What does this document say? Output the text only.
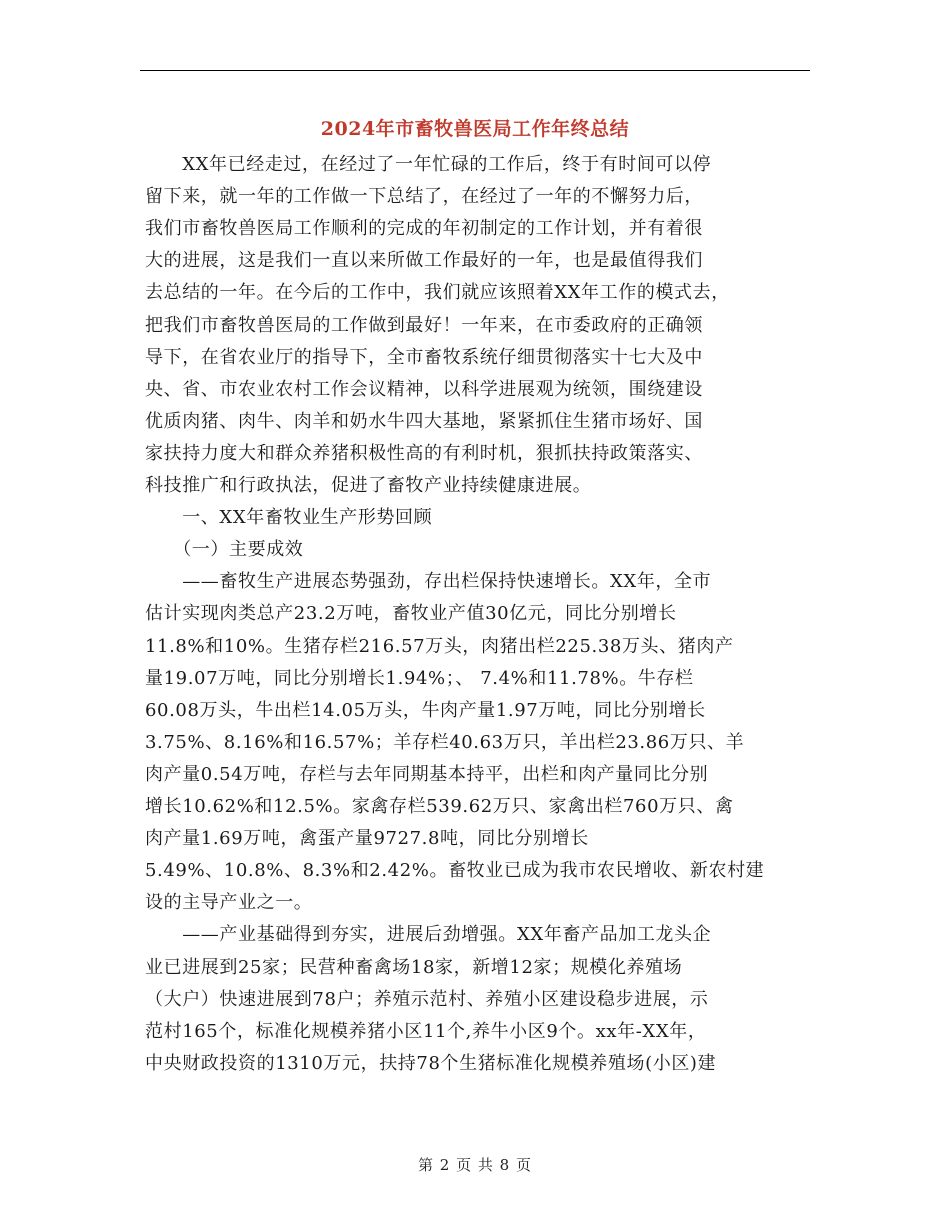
2024年市畜牧兽医局工作年终总结
　　XX年已经走过，在经过了一年忙碌的工作后，终于有时间可以停
留下来，就一年的工作做一下总结了，在经过了一年的不懈努力后，
我们市畜牧兽医局工作顺利的完成的年初制定的工作计划，并有着很
大的进展，这是我们一直以来所做工作最好的一年，也是最值得我们
去总结的一年。在今后的工作中，我们就应该照着XX年工作的模式去，
把我们市畜牧兽医局的工作做到最好！一年来，在市委政府的正确领
导下，在省农业厅的指导下，全市畜牧系统仔细贯彻落实十七大及中
央、省、市农业农村工作会议精神，以科学进展观为统领，围绕建设
优质肉猪、肉牛、肉羊和奶水牛四大基地，紧紧抓住生猪市场好、国
家扶持力度大和群众养猪积极性高的有利时机，狠抓扶持政策落实、
科技推广和行政执法，促进了畜牧产业持续健康进展。
　　一、XX年畜牧业生产形势回顾
　　（一）主要成效
　　——畜牧生产进展态势强劲，存出栏保持快速增长。XX年，全市
估计实现肉类总产23.2万吨，畜牧业产值30亿元，同比分别增长
11.8%和10%。生猪存栏216.57万头，肉猪出栏225.38万头、猪肉产
量19.07万吨，同比分别增长1.94%；、 7.4%和11.78%。牛存栏
60.08万头，牛出栏14.05万头，牛肉产量1.97万吨，同比分别增长
3.75%、8.16%和16.57%；羊存栏40.63万只，羊出栏23.86万只、羊
肉产量0.54万吨，存栏与去年同期基本持平，出栏和肉产量同比分别
增长10.62%和12.5%。家禽存栏539.62万只、家禽出栏760万只、禽
肉产量1.69万吨，禽蛋产量9727.8吨，同比分别增长
5.49%、10.8%、8.3%和2.42%。畜牧业已成为我市农民增收、新农村建
设的主导产业之一。
　　——产业基础得到夯实，进展后劲增强。XX年畜产品加工龙头企
业已进展到25家；民营种畜禽场18家，新增12家；规模化养殖场
（大户）快速进展到78户；养殖示范村、养殖小区建设稳步进展，示
范村165个，标准化规模养猪小区11个,养牛小区9个。xx年-XX年，
中央财政投资的1310万元，扶持78个生猪标准化规模养殖场(小区)建
第 2 页 共 8 页
